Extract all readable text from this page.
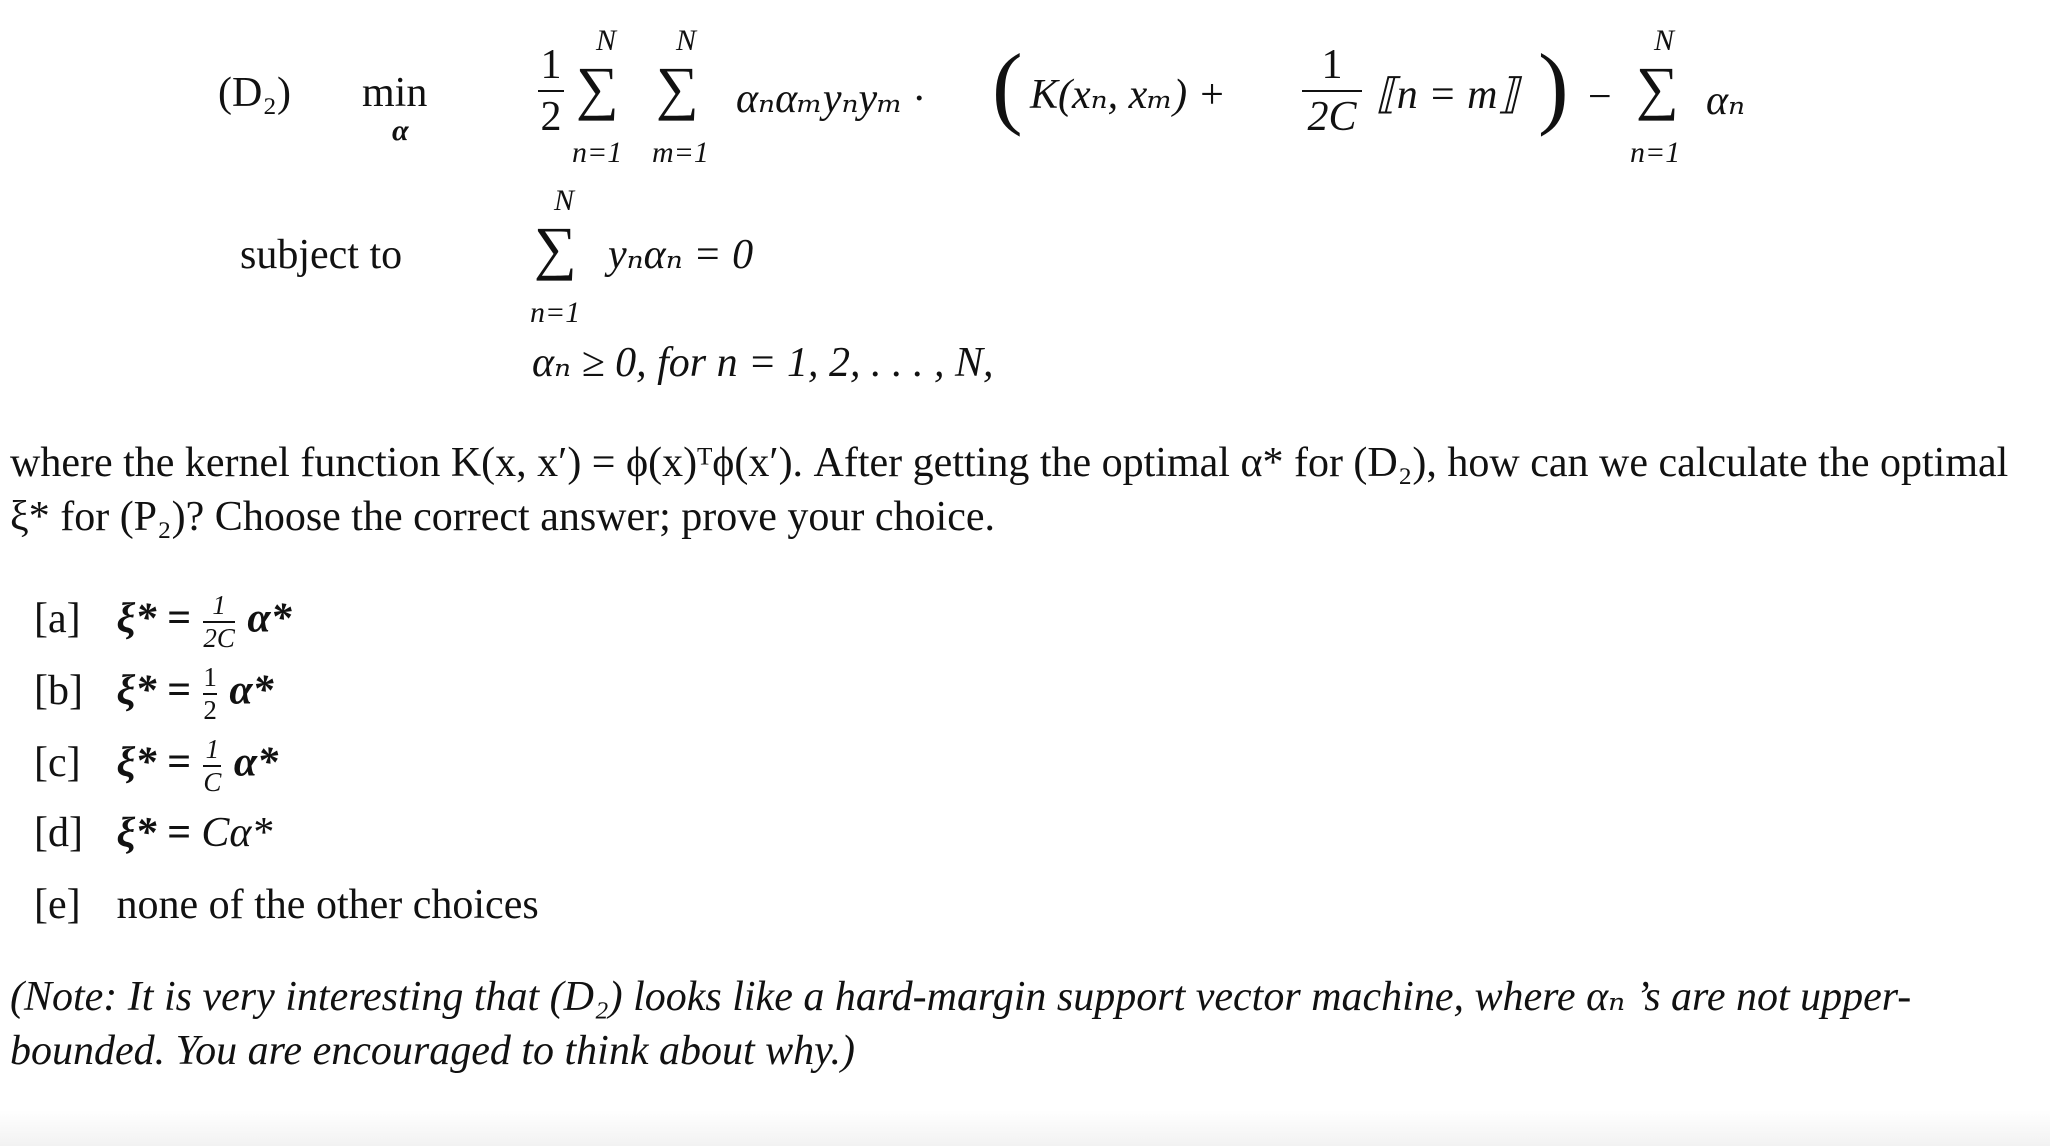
(D₂) min
α
1
2
N
∑
n=1
N
∑
m=1
αₙαₘyₙyₘ · ( K(xₙ, xₘ) +
1
2C ⟦n = m⟧ ) −
N
∑
n=1
αₙ
subject to
N
∑
n=1
yₙαₙ = 0
αₙ ≥ 0, for n = 1, 2, . . . , N,
where the kernel function K(x, x′) = ϕ(x)ᵀϕ(x′). After getting the optimal α* for (D₂), how can we calculate the optimal ξ* for (P₂)? Choose the correct answer; prove your choice.
[a] $\xi* = \frac{1}{2C} \alpha*$
[b] $\xi* = \frac{1}{2} \alpha*$
[c] $\xi* = \frac{1}{C} \alpha*$
[d] ξ* = Cα*
[e] none of the other choices
(Note: It is very interesting that (D₂) looks like a hard-margin support vector machine, where αₙ ’s are not upper-bounded. You are encouraged to think about why.)
